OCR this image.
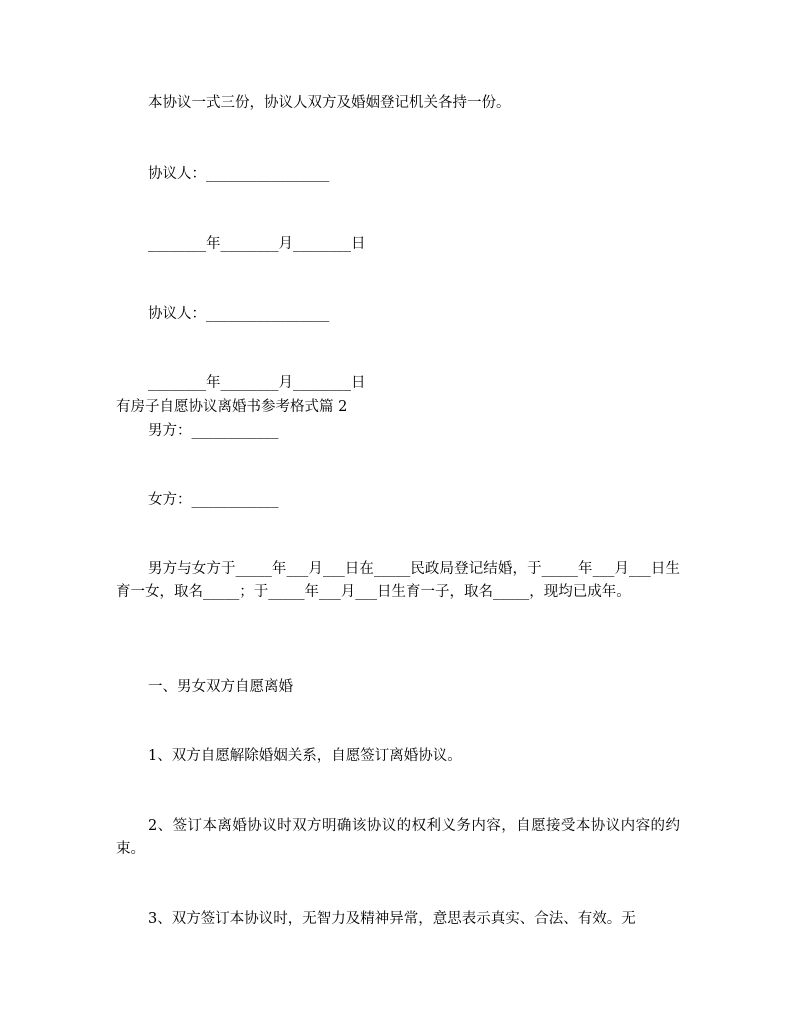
本协议一式三份，协议人双方及婚姻登记机关各持一份。
协议人：_________________
________年________月________日
协议人：_________________
________年________月________日
有房子自愿协议离婚书参考格式篇 2
男方：____________
女方：____________
男方与女方于_____年___月___日在_____民政局登记结婚，于_____年___月___日生育一女，取名_____；于_____年___月___日生育一子，取名_____，现均已成年。
一、男女双方自愿离婚
1、双方自愿解除婚姻关系，自愿签订离婚协议。
2、签订本离婚协议时双方明确该协议的权利义务内容，自愿接受本协议内容的约束。
3、双方签订本协议时，无智力及精神异常，意思表示真实、合法、有效。无
